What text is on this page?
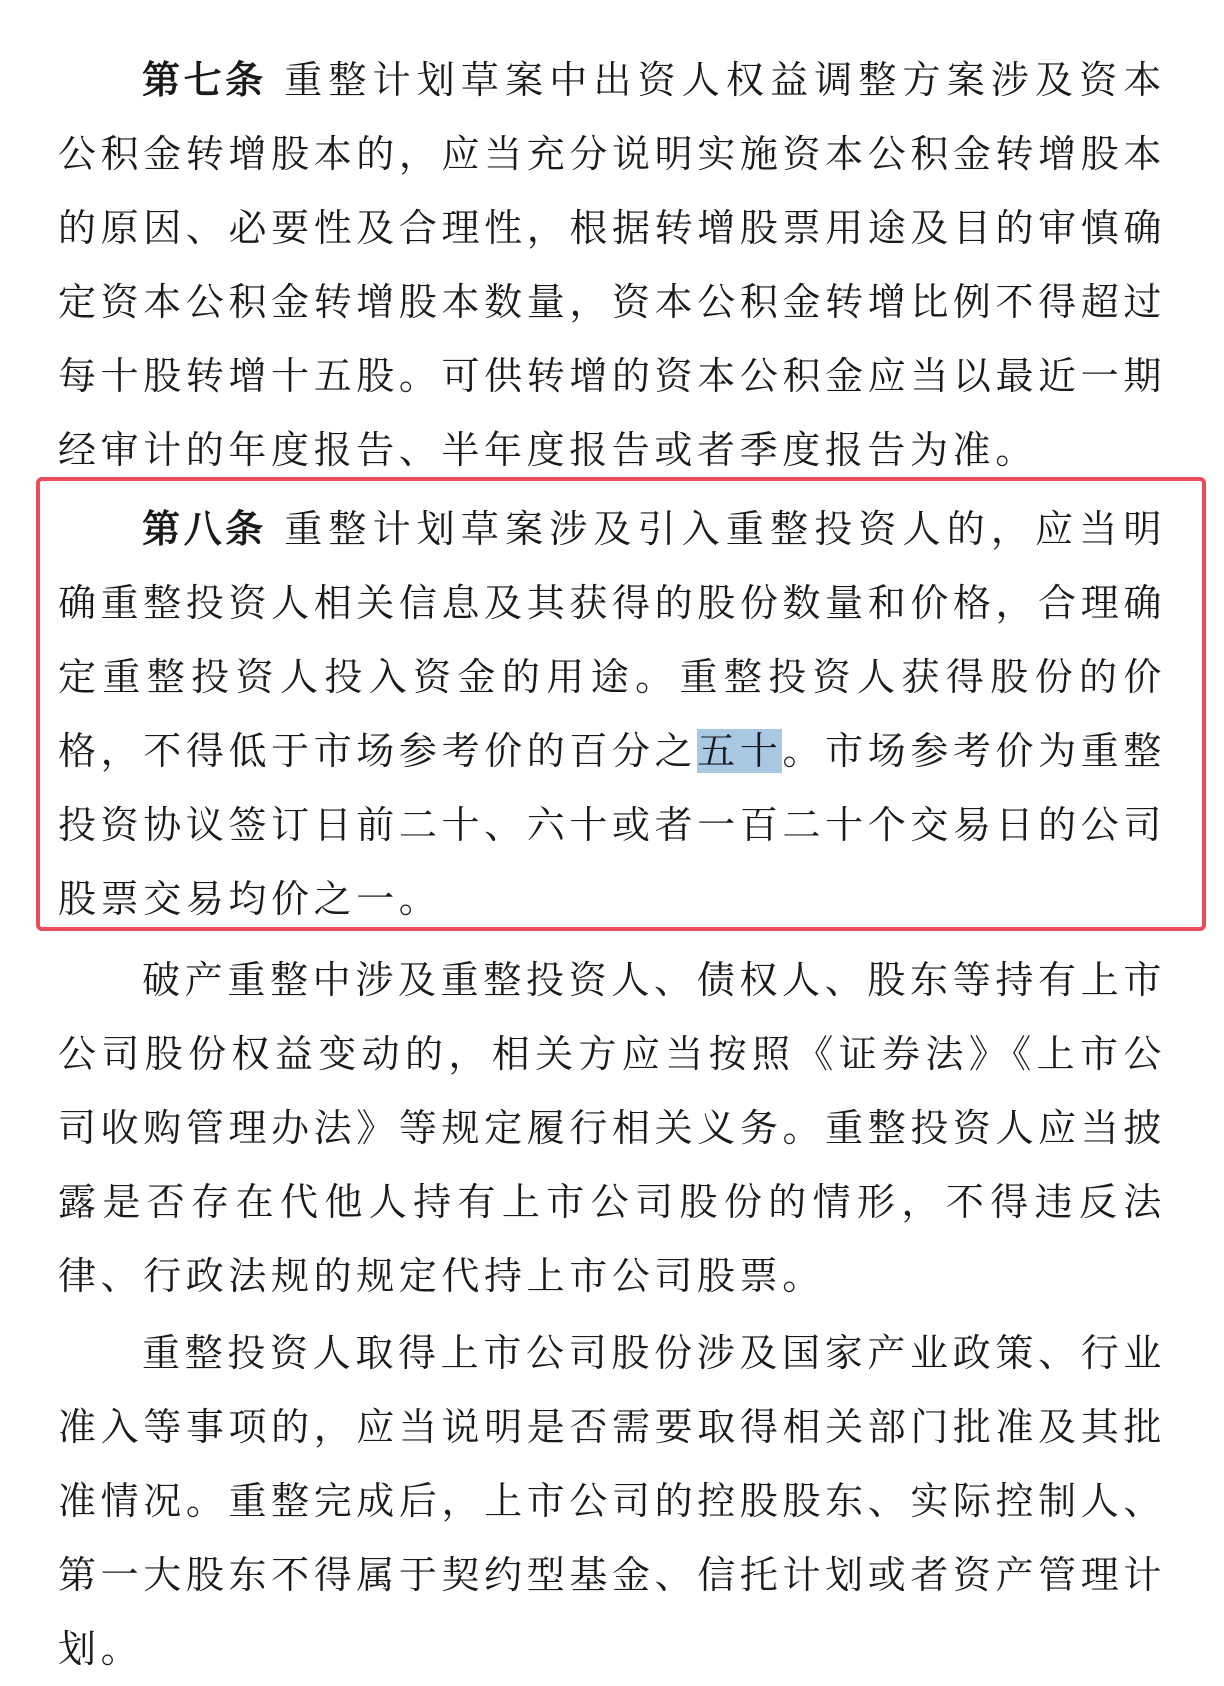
第七条 重整计划草案中出资人权益调整方案涉及资本公积金转增股本的，应当充分说明实施资本公积金转增股本的原因、必要性及合理性，根据转增股票用途及目的审慎确定资本公积金转增股本数量，资本公积金转增比例不得超过每十股转增十五股。可供转增的资本公积金应当以最近一期经审计的年度报告、半年度报告或者季度报告为准。

第八条 重整计划草案涉及引入重整投资人的，应当明确重整投资人相关信息及其获得的股份数量和价格，合理确定重整投资人投入资金的用途。重整投资人获得股份的价格，不得低于市场参考价的百分之五十。市场参考价为重整投资协议签订日前二十、六十或者一百二十个交易日的公司股票交易均价之一。

破产重整中涉及重整投资人、债权人、股东等持有上市公司股份权益变动的，相关方应当按照《证券法》《上市公司收购管理办法》等规定履行相关义务。重整投资人应当披露是否存在代他人持有上市公司股份的情形，不得违反法律、行政法规的规定代持上市公司股票。

重整投资人取得上市公司股份涉及国家产业政策、行业准入等事项的，应当说明是否需要取得相关部门批准及其批准情况。重整完成后，上市公司的控股股东、实际控制人、第一大股东不得属于契约型基金、信托计划或者资产管理计划。
